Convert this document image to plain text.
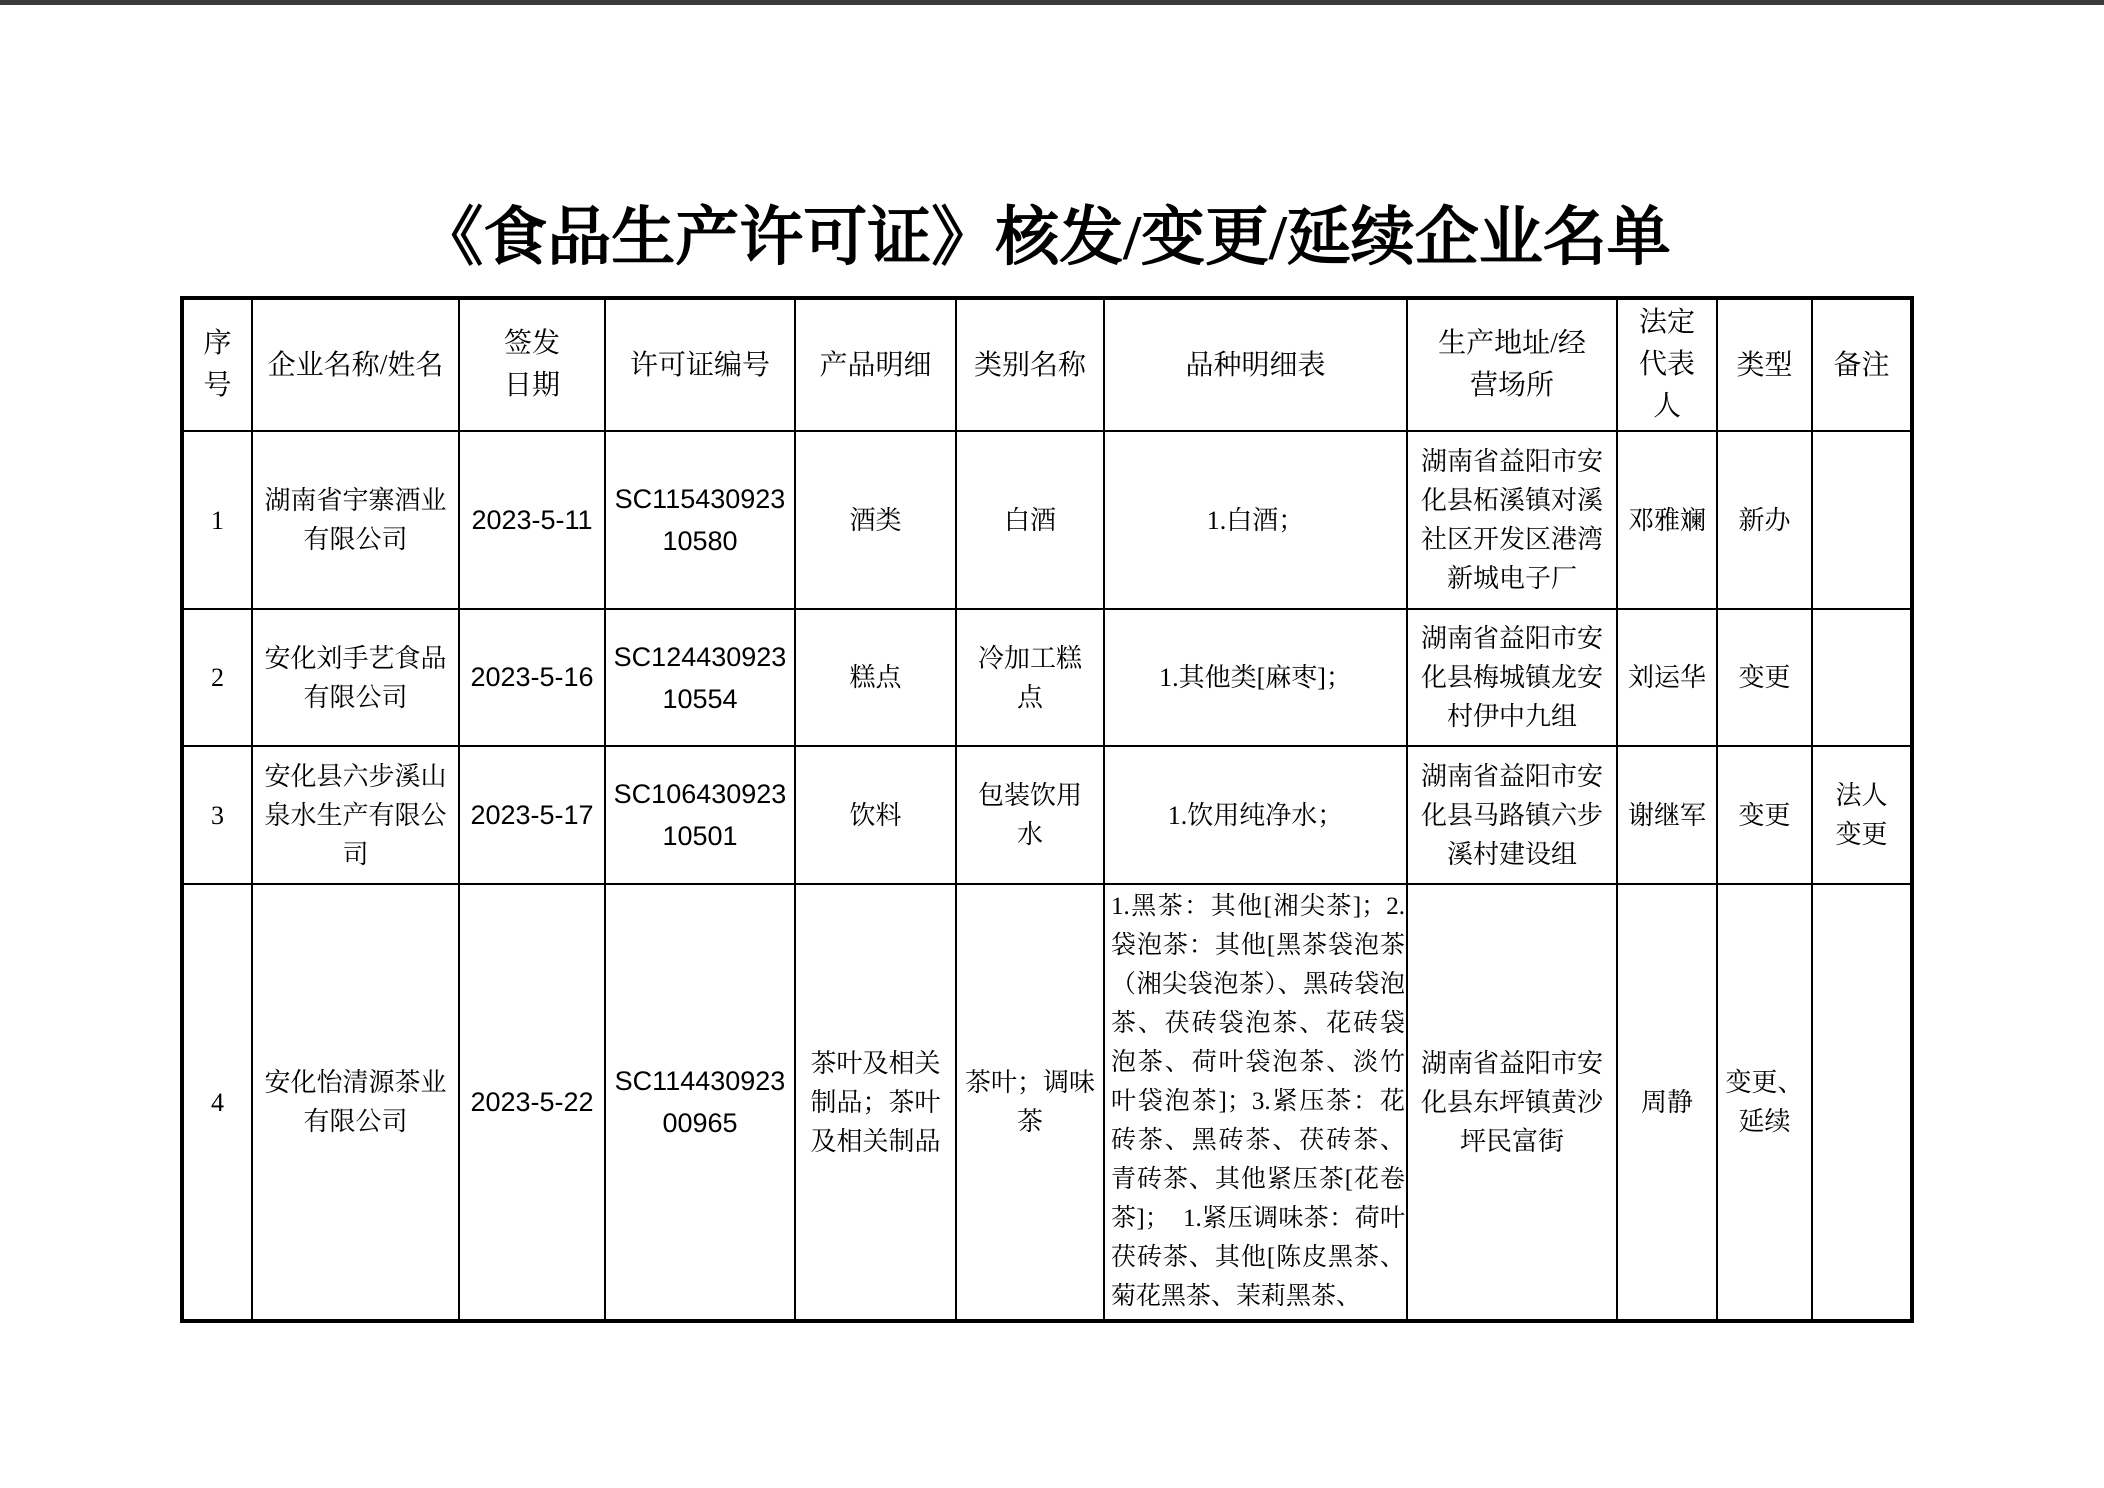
《食品生产许可证》核发/变更/延续企业名单
序号	企业名称/姓名	签发日期	许可证编号	产品明细	类别名称	品种明细表	生产地址/经营场所	法定代表人	类型	备注
1	湖南省宇寨酒业有限公司	2023-5-11	SC11543092310580	酒类	白酒	1.白酒；	湖南省益阳市安化县柘溪镇对溪社区开发区港湾新城电子厂	邓雅斓	新办	
2	安化刘手艺食品有限公司	2023-5-16	SC12443092310554	糕点	冷加工糕点	1.其他类[麻枣]；	湖南省益阳市安化县梅城镇龙安村伊中九组	刘运华	变更	
3	安化县六步溪山泉水生产有限公司	2023-5-17	SC10643092310501	饮料	包装饮用水	1.饮用纯净水；	湖南省益阳市安化县马路镇六步溪村建设组	谢继军	变更	法人变更
4	安化怡清源茶业有限公司	2023-5-22	SC11443092300965	茶叶及相关制品；茶叶及相关制品	茶叶；调味茶	1.黑茶：其他[湘尖茶]；2.袋泡茶：其他[黑茶袋泡茶（湘尖袋泡茶）、黑砖袋泡茶、茯砖袋泡茶、花砖袋泡茶、荷叶袋泡茶、淡竹叶袋泡茶]；3.紧压茶：花砖茶、黑砖茶、茯砖茶、青砖茶、其他紧压茶[花卷茶]；　1.紧压调味茶：荷叶茯砖茶、其他[陈皮黑茶、菊花黑茶、茉莉黑茶、	湖南省益阳市安化县东坪镇黄沙坪民富街	周静	变更、延续	
